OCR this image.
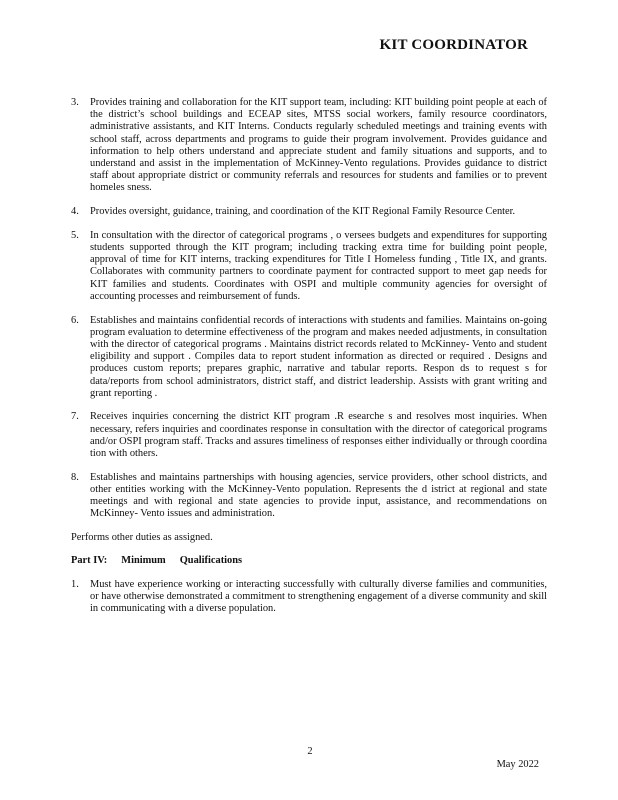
KIT COORDINATOR
3.	Provides training and collaboration for the KIT support team, including: KIT building point people at each of the district’s school buildings and ECEAP sites, MTSS social workers, family resource coordinators, administrative assistants, and KIT Interns. Conducts regularly scheduled meetings and training events with school staff, across departments and programs to guide their program involvement. Provides guidance and information to help others understand and appreciate student and family situations and supports, and to understand and assist in the implementation of McKinney-Vento regulations. Provides guidance to district staff about appropriate district or community referrals and resources for students and families or to prevent homeles sness.
4.	Provides oversight, guidance, training, and coordination of the KIT Regional Family Resource Center.
5.	In consultation with the director of categorical programs , o versees budgets and expenditures for supporting students supported through the KIT program; including tracking extra time for building point people, approval of time for KIT interns, tracking expenditures for Title I Homeless funding , Title IX, and grants. Collaborates with community partners to coordinate payment for contracted support to meet gap needs for KIT families and students. Coordinates with OSPI and multiple community agencies for oversight of accounting processes and reimbursement of funds.
6.	Establishes and maintains confidential records of interactions with students and families. Maintains on-going program evaluation to determine effectiveness of the program and makes needed adjustments, in consultation with the director of categorical programs . Maintains district records related to McKinney- Vento and student eligibility and support . Compiles data to report student information as directed or required . Designs and produces custom reports; prepares graphic, narrative and tabular reports. Respon ds to request s for data/reports from school administrators, district staff, and district leadership. Assists with grant writing and grant reporting .
7.	Receives inquiries concerning the district KIT program .R esearche s and resolves most inquiries. When necessary, refers inquiries and coordinates response in consultation with the director of categorical programs and/or OSPI program staff. Tracks and assures timeliness of responses either individually or through coordina tion with others.
8.	Establishes and maintains partnerships with housing agencies, service providers, other school districts, and other entities working with the McKinney-Vento population. Represents the d istrict at regional and state meetings and with regional and state agencies to provide input, assistance, and recommendations on McKinney- Vento issues and administration.
Performs other duties as assigned.
Part IV: Minimum Qualifications
1.	Must have experience working or interacting successfully with culturally diverse families and communities, or have otherwise demonstrated a commitment to strengthening engagement of a diverse community and skill in communicating with a diverse population.
2
May 2022
